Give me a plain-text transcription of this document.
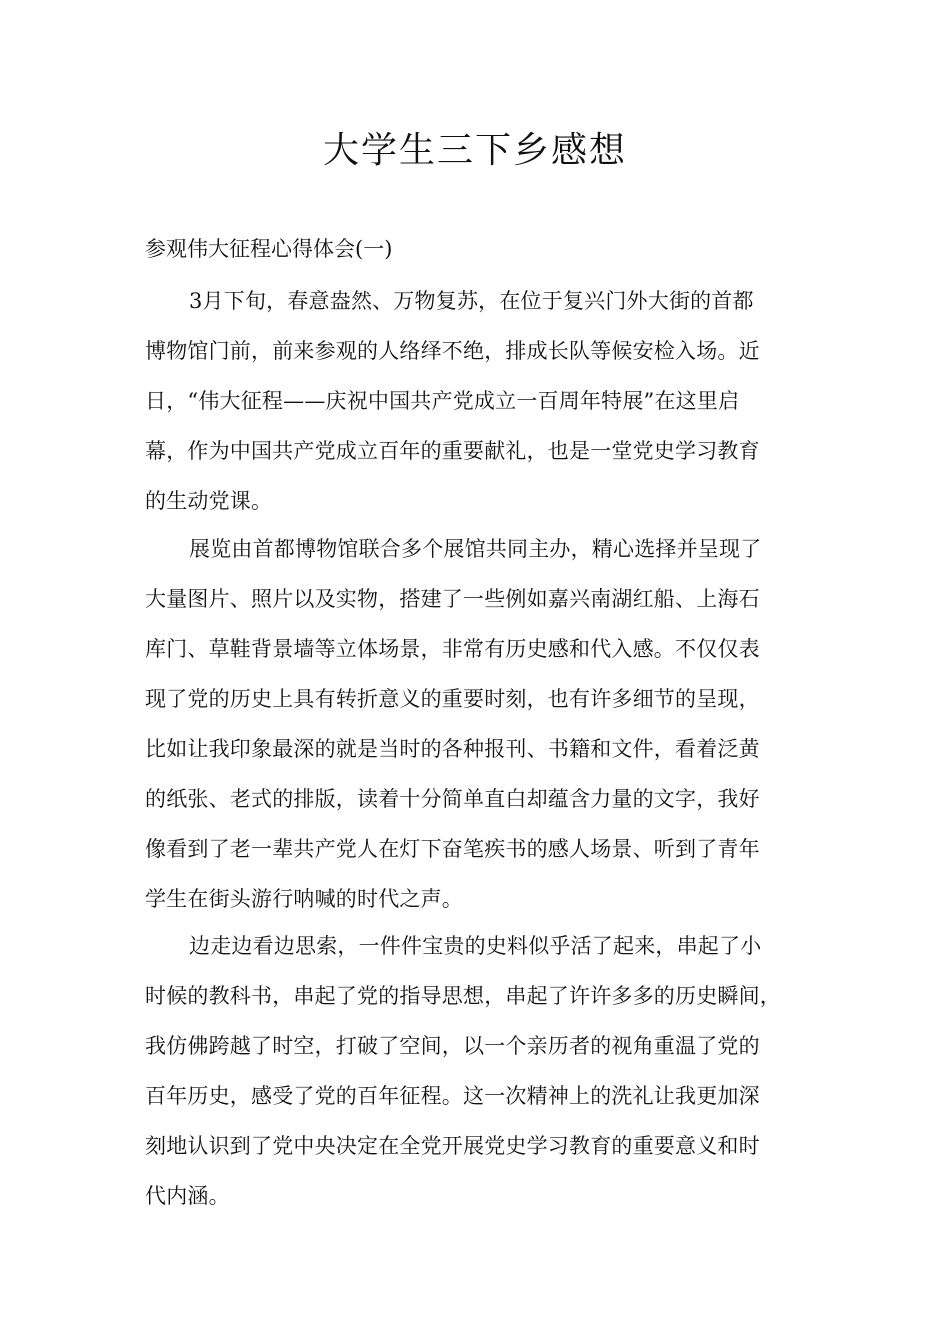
大学生三下乡感想

参观伟大征程心得体会(一)

3月下旬，春意盎然、万物复苏，在位于复兴门外大街的首都
博物馆门前，前来参观的人络绎不绝，排成长队等候安检入场。近
日，“伟大征程——庆祝中国共产党成立一百周年特展”在这里启
幕，作为中国共产党成立百年的重要献礼，也是一堂党史学习教育
的生动党课。
展览由首都博物馆联合多个展馆共同主办，精心选择并呈现了
大量图片、照片以及实物，搭建了一些例如嘉兴南湖红船、上海石
库门、草鞋背景墙等立体场景，非常有历史感和代入感。不仅仅表
现了党的历史上具有转折意义的重要时刻，也有许多细节的呈现，
比如让我印象最深的就是当时的各种报刊、书籍和文件，看着泛黄
的纸张、老式的排版，读着十分简单直白却蕴含力量的文字，我好
像看到了老一辈共产党人在灯下奋笔疾书的感人场景、听到了青年
学生在街头游行呐喊的时代之声。
边走边看边思索，一件件宝贵的史料似乎活了起来，串起了小
时候的教科书，串起了党的指导思想，串起了许许多多的历史瞬间，
我仿佛跨越了时空，打破了空间，以一个亲历者的视角重温了党的
百年历史，感受了党的百年征程。这一次精神上的洗礼让我更加深
刻地认识到了党中央决定在全党开展党史学习教育的重要意义和时
代内涵。
